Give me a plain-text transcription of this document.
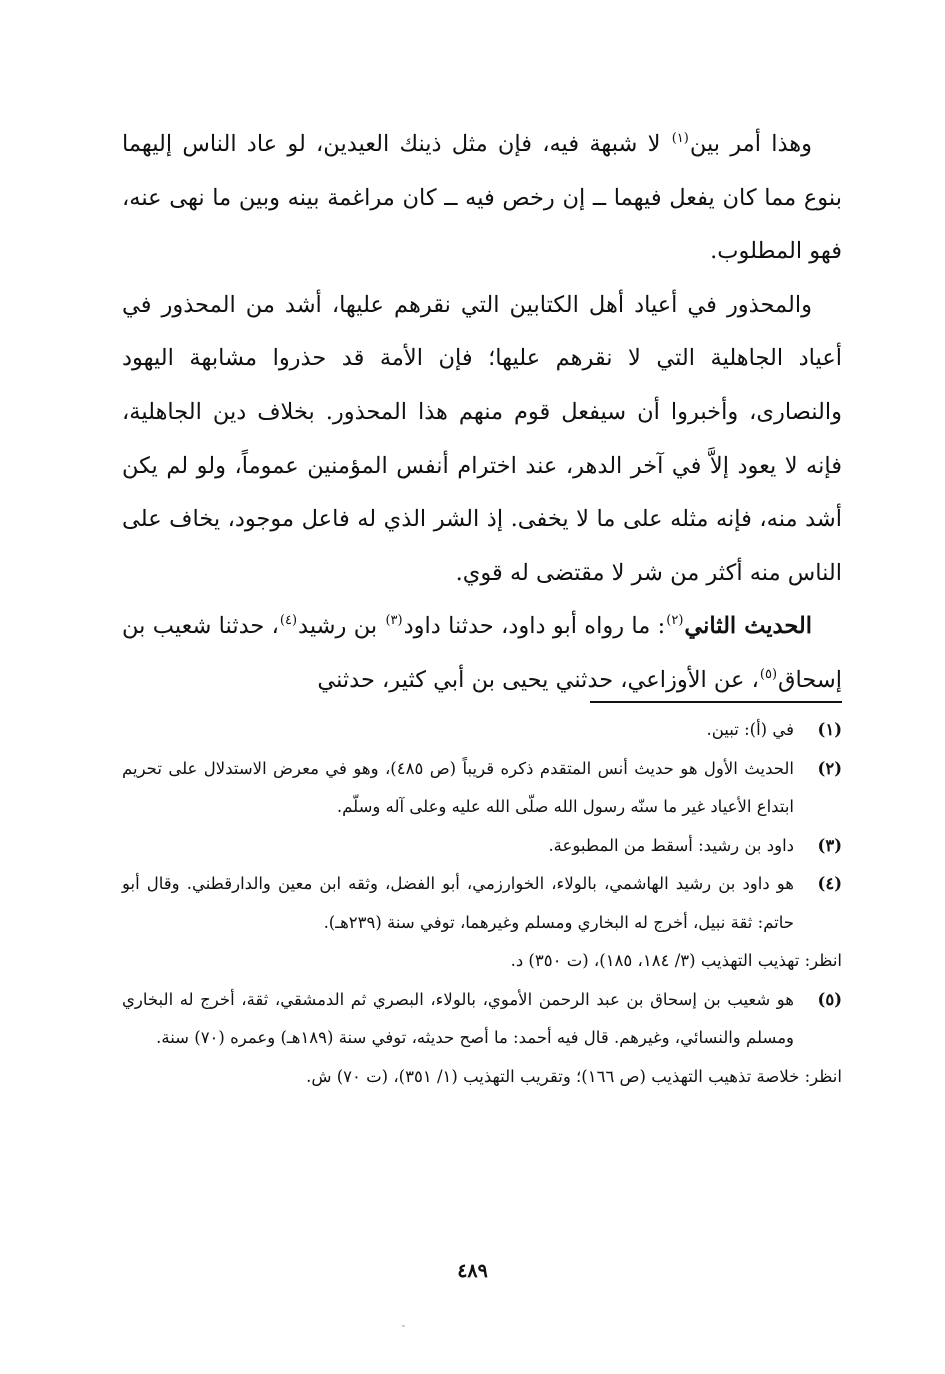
وهذا أمر بين$^{(١)}$ لا شبهة فيه، فإن مثل ذينك العيدين، لو عاد الناس إليهما بنوع مما كان يفعل فيهما ــ إن رخص فيه ــ كان مراغمة بينه وبين ما نهى عنه، فهو المطلوب.

والمحذور في أعياد أهل الكتابين التي نقرهم عليها، أشد من المحذور في أعياد الجاهلية التي لا نقرهم عليها؛ فإن الأمة قد حذروا مشابهة اليهود والنصارى، وأخبروا أن سيفعل قوم منهم هذا المحذور. بخلاف دين الجاهلية، فإنه لا يعود إلاَّ في آخر الدهر، عند اخترام أنفس المؤمنين عموماً، ولو لم يكن أشد منه، فإنه مثله على ما لا يخفى. إذ الشر الذي له فاعل موجود، يخاف على الناس منه أكثر من شر لا مقتضى له قوي.

الحديث الثاني$^{(٢)}$: ما رواه أبو داود، حدثنا داود$^{(٣)}$ بن رشيد$^{(٤)}$، حدثنا شعيب بن إسحاق$^{(٥)}$، عن الأوزاعي، حدثني يحيى بن أبي كثير، حدثني

(١)
في (أ): تبين.
(٢)
الحديث الأول هو حديث أنس المتقدم ذكره قريباً (ص ٤٨٥)، وهو في معرض الاستدلال على تحريم ابتداع الأعياد غير ما سنّه رسول الله صلّى الله عليه وعلى آله وسلّم.
(٣)
داود بن رشيد: أسقط من المطبوعة.
(٤)
هو داود بن رشيد الهاشمي، بالولاء، الخوارزمي، أبو الفضل، وثقه ابن معين والدارقطني. وقال أبو حاتم: ثقة نبيل، أخرج له البخاري ومسلم وغيرهما، توفي سنة (٢٣٩هـ).
انظر: تهذيب التهذيب (٣/ ١٨٤، ١٨٥)، (ت ٣٥٠) د.
(٥)
هو شعيب بن إسحاق بن عبد الرحمن الأموي، بالولاء، البصري ثم الدمشقي، ثقة، أخرج له البخاري ومسلم والنسائي، وغيرهم. قال فيه أحمد: ما أصح حديثه، توفي سنة (١٨٩هـ) وعمره (٧٠) سنة.
انظر: خلاصة تذهيب التهذيب (ص ١٦٦)؛ وتقريب التهذيب (١/ ٣٥١)، (ت ٧٠) ش.
٤٨٩
